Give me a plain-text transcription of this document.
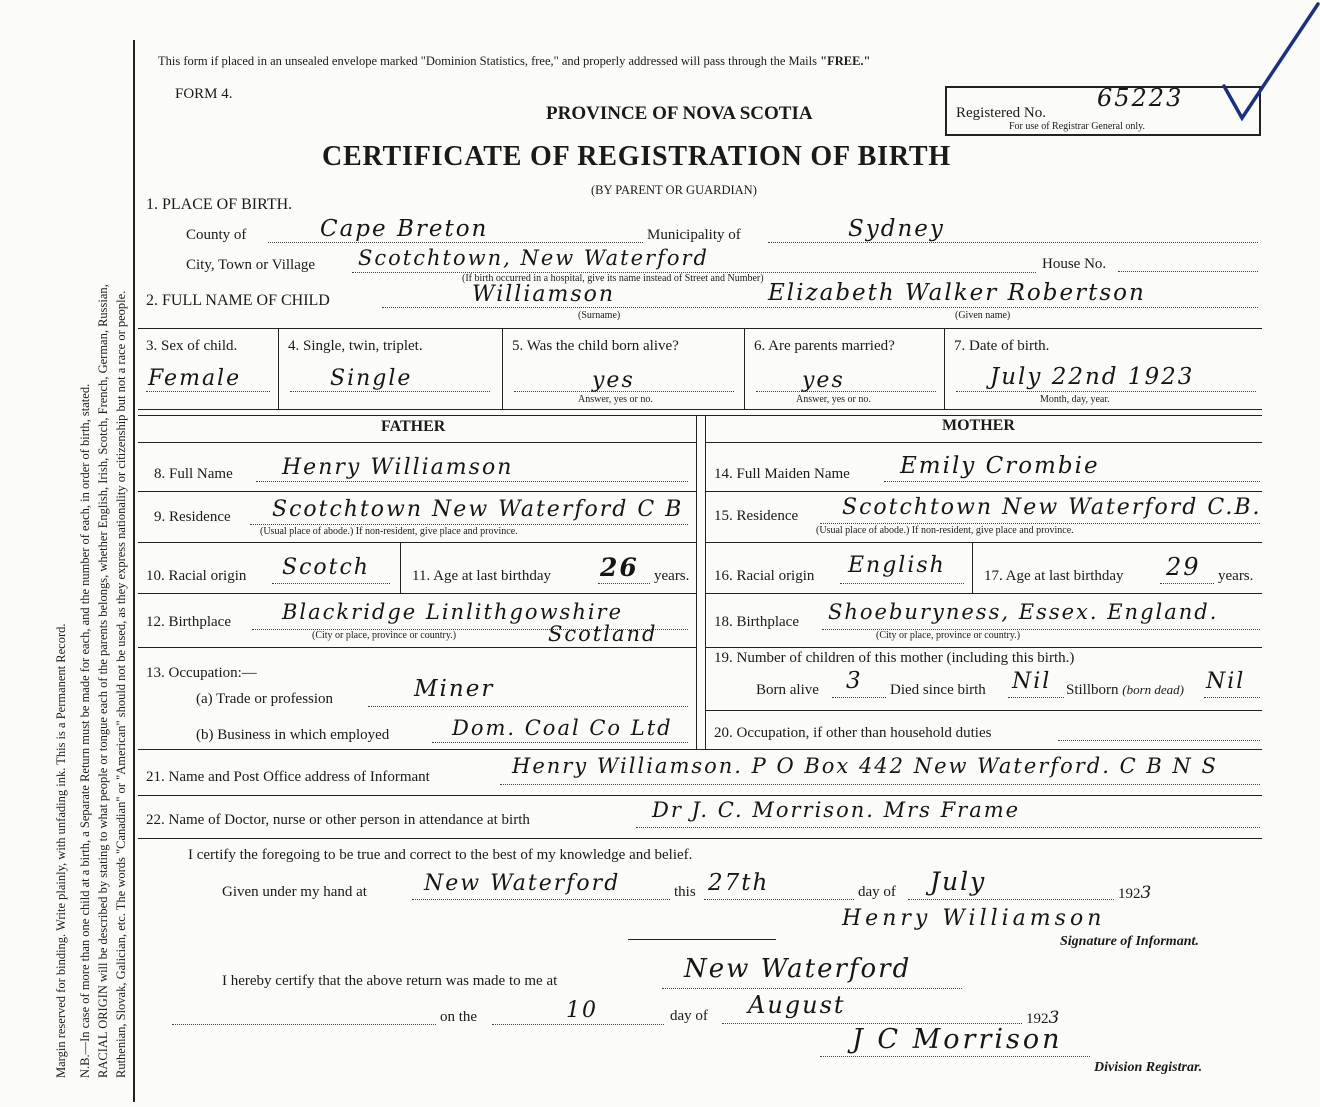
Margin reserved for binding. Write plainly, with unfading ink. This is a Permanent Record. N.B.—In case of more than one child at a birth, a Separate Return must be made for each, and the number of each, in order of birth, stated. RACIAL ORIGIN will be described by stating to what people or tongue each of the parents belongs, whether English, Irish, Scotch, French, German, Russian, Ruthenian, Slovak, Galician, etc. The words "Canadian" or "American" should not be used, as they express nationality or citizenship but not a race or people.
This form if placed in an unsealed envelope marked "Dominion Statistics, free," and properly addressed will pass through the Mails "FREE."
FORM 4.
PROVINCE OF NOVA SCOTIA
CERTIFICATE OF REGISTRATION OF BIRTH
(BY PARENT OR GUARDIAN)
Registered No.
65223
For use of Registrar General only.
1. PLACE OF BIRTH.
County of	Cape Breton	Municipality of	Sydney
City, Town or Village Scotchtown, New Waterford
(If birth occurred in a hospital, give its name instead of Street and Number)
House No.
2. FULL NAME OF CHILD	Williamson
(Surname)
Elizabeth Walker Robertson
(Given name)
3. Sex of child.
Female
4. Single, twin, triplet.
Single
5. Was the child born alive?
yes
Answer, yes or no.
6. Are parents married?
yes
Answer, yes or no.
7. Date of birth.
July 22nd 1923
Month, day, year.
FATHER	MOTHER
8. Full Name Henry Williamson
9. Residence Scotchtown New Waterford C B
(Usual place of abode.) If non-resident, give place and province.
10. Racial origin Scotch	11. Age at last birthday 26 years.
12. Birthplace Blackridge Linlithgowshire
Scotland
(City or place, province or country.)
13. Occupation:—
(a) Trade or profession	Miner
(b) Business in which employed	Dom. Coal Co Ltd
14. Full Maiden Name Emily Crombie
15. Residence Scotchtown New Waterford C.B.
(Usual place of abode.) If non-resident, give place and province.
16. Racial origin English	17. Age at last birthday 29 years.
18. Birthplace Shoeburyness, Essex. England.
(City or place, province or country.)
19. Number of children of this mother (including this birth.)
Born alive 3 Died since birth Nil Stillborn (born dead) Nil
20. Occupation, if other than household duties
21. Name and Post Office address of Informant	Henry Williamson. P O Box 442 New Waterford. C B N S
22. Name of Doctor, nurse or other person in attendance at birth	Dr J. C. Morrison. Mrs Frame
I certify the foregoing to be true and correct to the best of my knowledge and belief.
Given under my hand at	New Waterford	this 27th	day of July	1923
Henry Williamson
Signature of Informant.
I hereby certify that the above return was made to me at	New Waterford
on the	10	day of August	1923
J C Morrison
Division Registrar.
